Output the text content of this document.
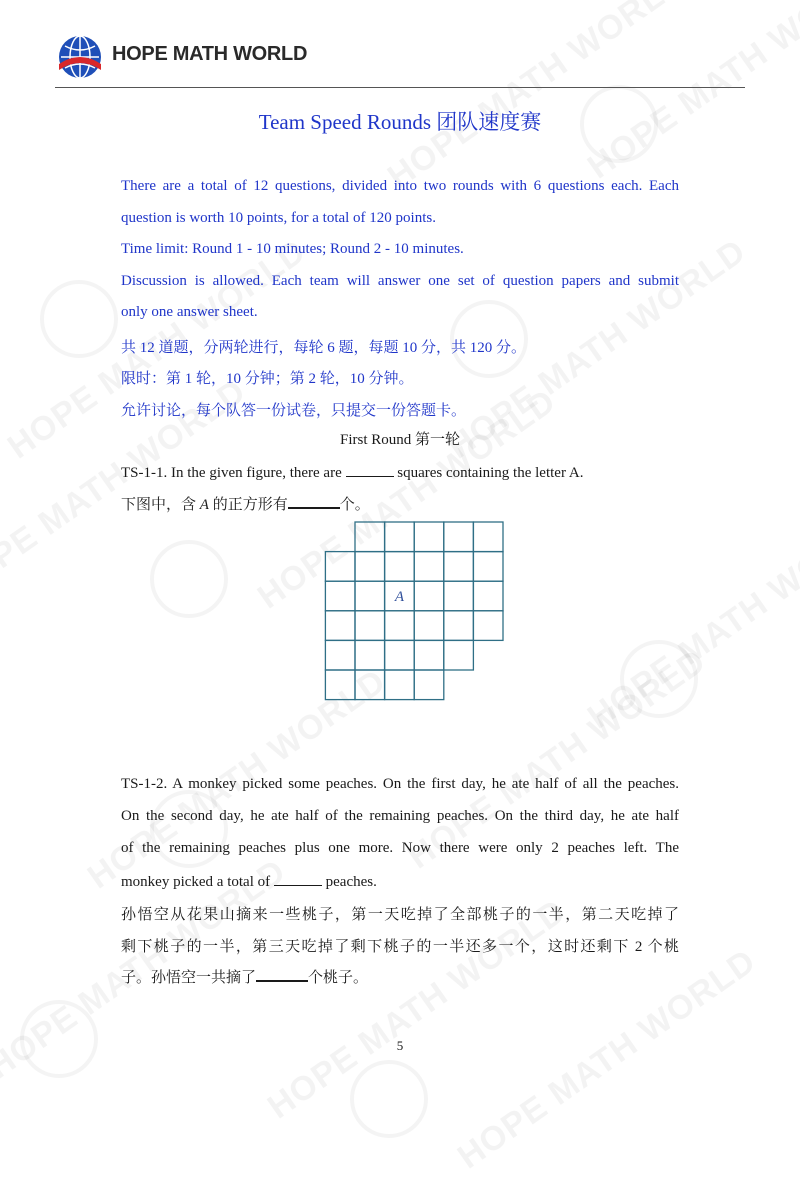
HOPE MATH WORLD
Team Speed Rounds 团队速度赛
There are a total of 12 questions, divided into two rounds with 6 questions each. Each
question is worth 10 points, for a total of 120 points.
Time limit: Round 1 - 10 minutes; Round 2 - 10 minutes.
Discussion is allowed. Each team will answer one set of question papers and submit
only one answer sheet.
共 12 道题，分两轮进行，每轮 6 题，每题 10 分，共 120 分。
限时：第 1 轮，10 分钟；第 2 轮，10 分钟。
允许讨论，每个队答一份试卷，只提交一份答题卡。
First Round 第一轮
TS-1-1. In the given figure, there are	squares containing the letter A.
下图中，含 A 的正方形有	个。
A
TS-1-2. A monkey picked some peaches. On the first day, he ate half of all the peaches.
On the second day, he ate half of the remaining peaches. On the third day, he ate half
of the remaining peaches plus one more. Now there were only 2 peaches left. The
monkey picked a total of	peaches.
孙悟空从花果山摘来一些桃子，第一天吃掉了全部桃子的一半，第二天吃掉了
剩下桃子的一半，第三天吃掉了剩下桃子的一半还多一个，这时还剩下 2 个桃
子。孙悟空一共摘了	个桃子。
5
